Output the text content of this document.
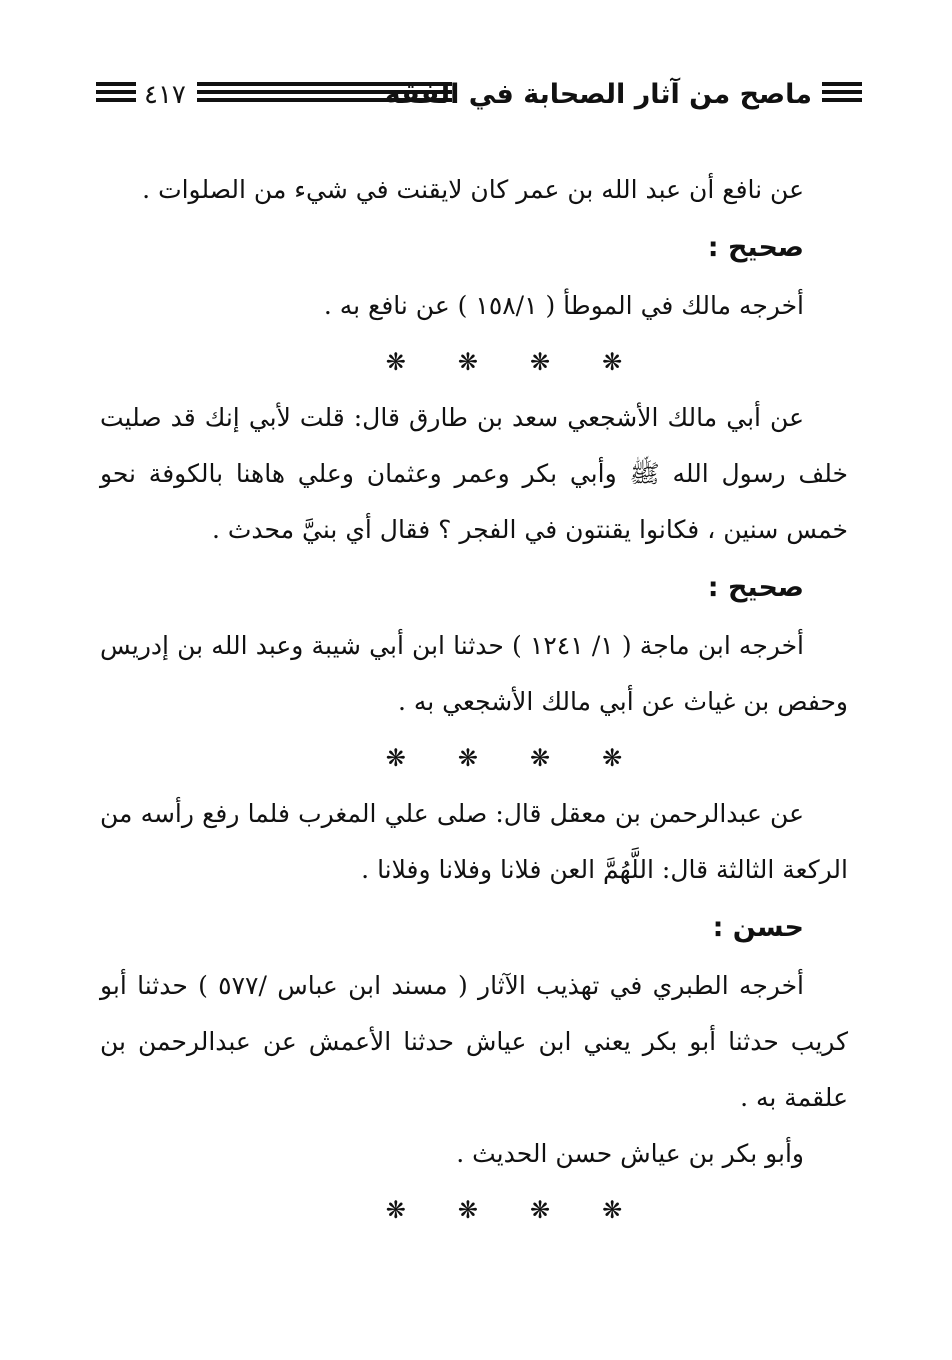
٤١٧	ماصح من آثار الصحابة في الفقه

عن نافع أن عبد الله بن عمر كان لايقنت في شيء من الصلوات .

صحيح :

أخرجه مالك في الموطأ ( ١٥٨/١ ) عن نافع به .

❋
❋
❋
❋

عن أبي مالك الأشجعي سعد بن طارق قال: قلت لأبي إنك قد صليت خلف رسول الله ﷺ وأبي بكر وعمر وعثمان وعلي هاهنا بالكوفة نحو خمس سنين ، فكانوا يقنتون في الفجر ؟ فقال أي بنيَّ محدث .

صحيح :

أخرجه ابن ماجة ( ١/ ١٢٤١ ) حدثنا ابن أبي شيبة وعبد الله بن إدريس وحفص بن غياث عن أبي مالك الأشجعي به .

❋
❋
❋
❋

عن عبدالرحمن بن معقل قال: صلى علي المغرب فلما رفع رأسه من الركعة الثالثة قال: اللَّهُمَّ العن فلانا وفلانا وفلانا .

حسن :

أخرجه الطبري في تهذيب الآثار ( مسند ابن عباس /٥٧٧ ) حدثنا أبو كريب حدثنا أبو بكر يعني ابن عياش حدثنا الأعمش عن عبدالرحمن بن علقمة به .

وأبو بكر بن عياش حسن الحديث .

❋
❋
❋
❋
